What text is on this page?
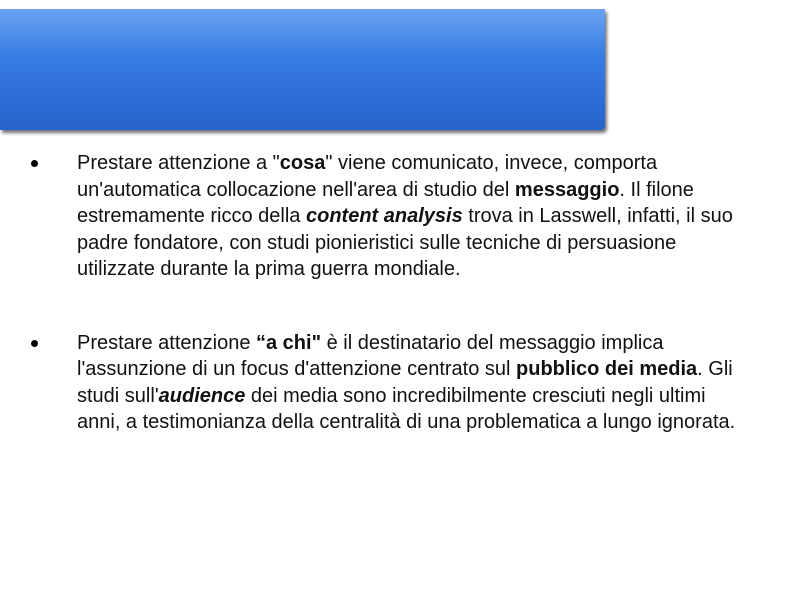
Prestare attenzione a "cosa" viene comunicato, invece, comporta un'automatica collocazione nell'area di studio del messaggio. Il filone estremamente ricco della content analysis trova in Lasswell, infatti, il suo padre fondatore, con studi pionieristici sulle tecniche di persuasione utilizzate durante la prima guerra mondiale.
Prestare attenzione “a chi" è il destinatario del messaggio implica l'assunzione di un focus d'attenzione centrato sul pubblico dei media. Gli studi sull'audience dei media sono incredibilmente cresciuti negli ultimi anni, a testimonianza della centralità di una problematica a lungo ignorata.
